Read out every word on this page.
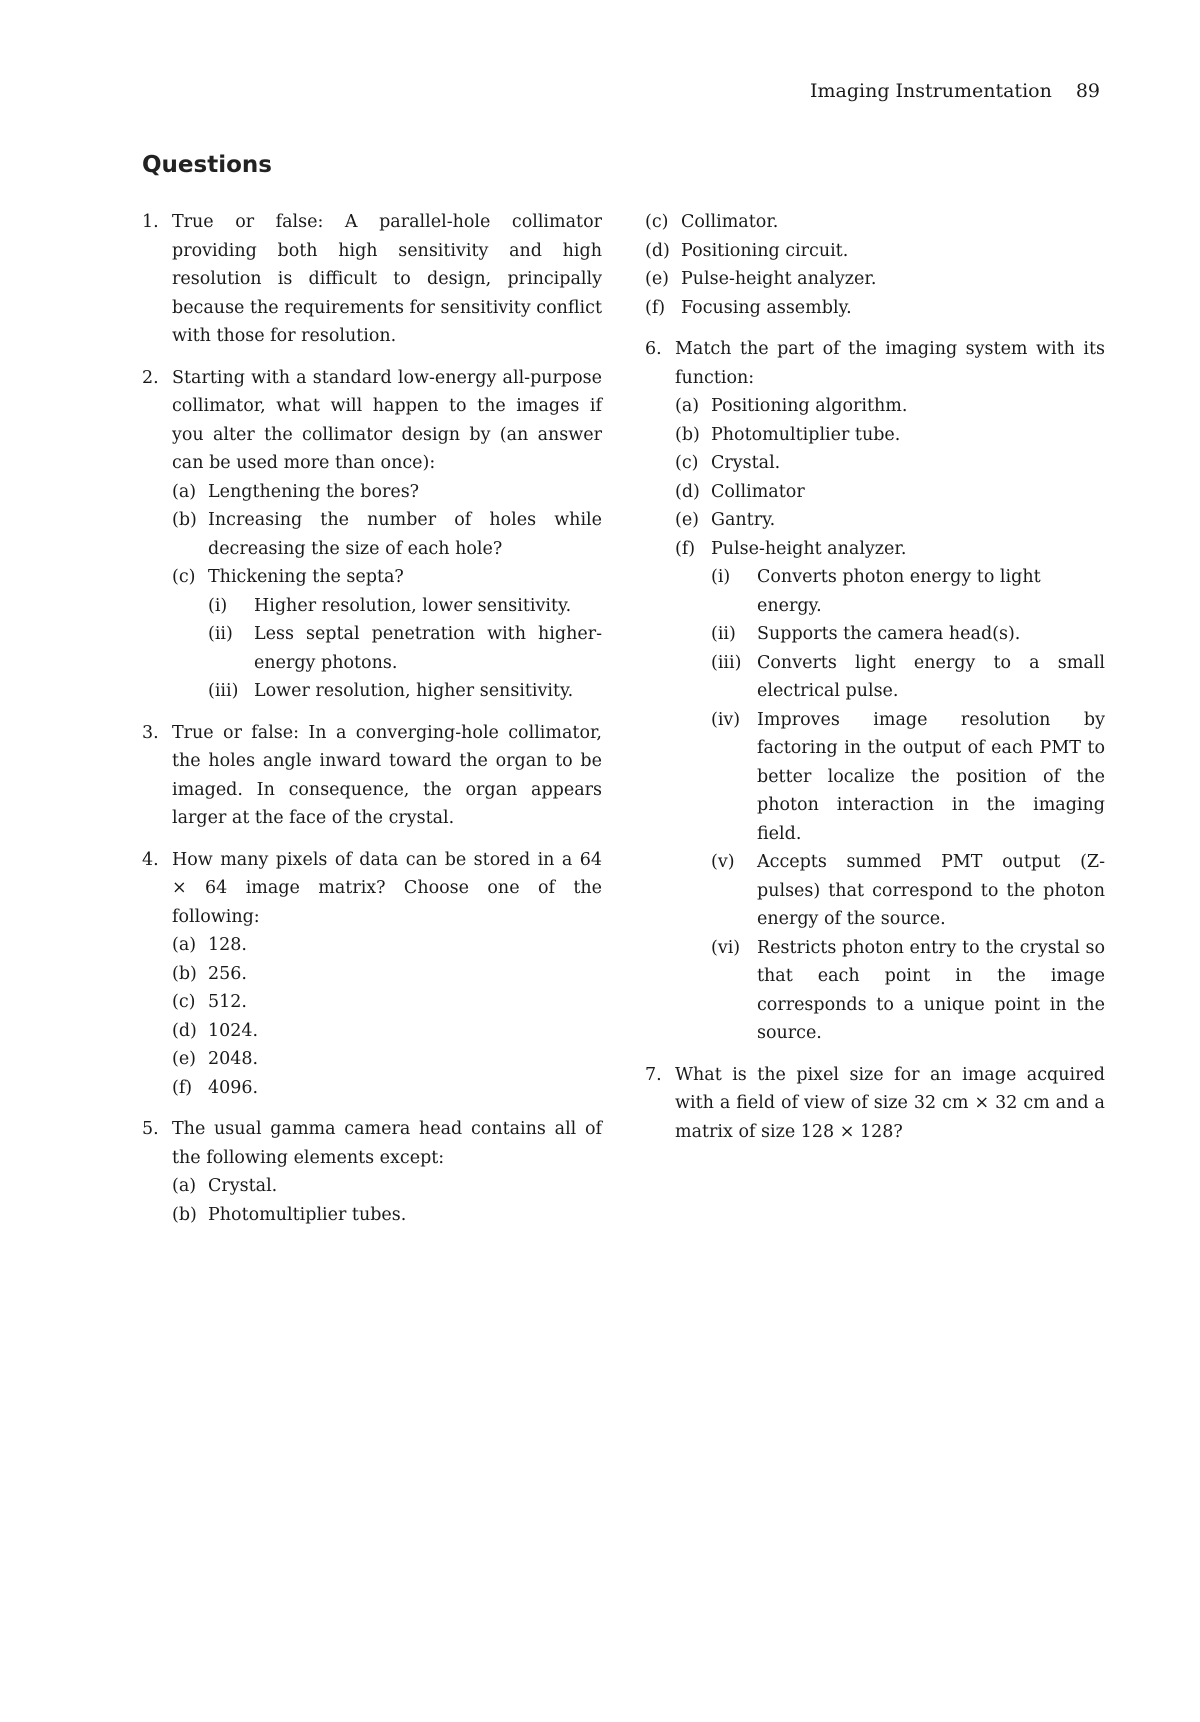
Imaging Instrumentation 89
Questions
1. True or false: A parallel-hole collimator providing both high sensitivity and high resolution is difficult to design, principally because the requirements for sensitivity conflict with those for resolution.

2. Starting with a standard low-energy all-purpose collimator, what will happen to the images if you alter the collimator design by (an answer can be used more than once):

(a) Lengthening the bores?
(b) Increasing the number of holes while decreasing the size of each hole?

(c) Thickening the septa?
(i) Higher resolution, lower sensitivity.
(ii) Less septal penetration with higher-energy photons.

(iii) Lower resolution, higher sensitivity.
3. True or false: In a converging-hole collimator, the holes angle inward toward the organ to be imaged. In consequence, the organ appears larger at the face of the crystal.

4. How many pixels of data can be stored in a 64 × 64 image matrix? Choose one of the following:

(a) 128.
(b) 256.
(c) 512.
(d) 1024.
(e) 2048.
(f) 4096.
5. The usual gamma camera head contains all of the following elements except:

(a) Crystal.
(b) Photomultiplier tubes.
(c) Collimator.
(d) Positioning circuit.
(e) Pulse-height analyzer.
(f) Focusing assembly.
6. Match the part of the imaging system with its function:

(a) Positioning algorithm.
(b) Photomultiplier tube.
(c) Crystal.
(d) Collimator
(e) Gantry.
(f) Pulse-height analyzer.
(i) Converts photon energy to light energy.
(ii) Supports the camera head(s).
(iii) Converts light energy to a small electrical pulse.

(iv) Improves image resolution by factoring in the output of each PMT to better localize the position of the photon interaction in the imaging field.

(v) Accepts summed PMT output (Z-pulses) that correspond to the photon energy of the source.

(vi) Restricts photon entry to the crystal so that each point in the image corresponds to a unique point in the source.

7. What is the pixel size for an image acquired with a field of view of size 32 cm × 32 cm and a matrix of size 128 × 128?
